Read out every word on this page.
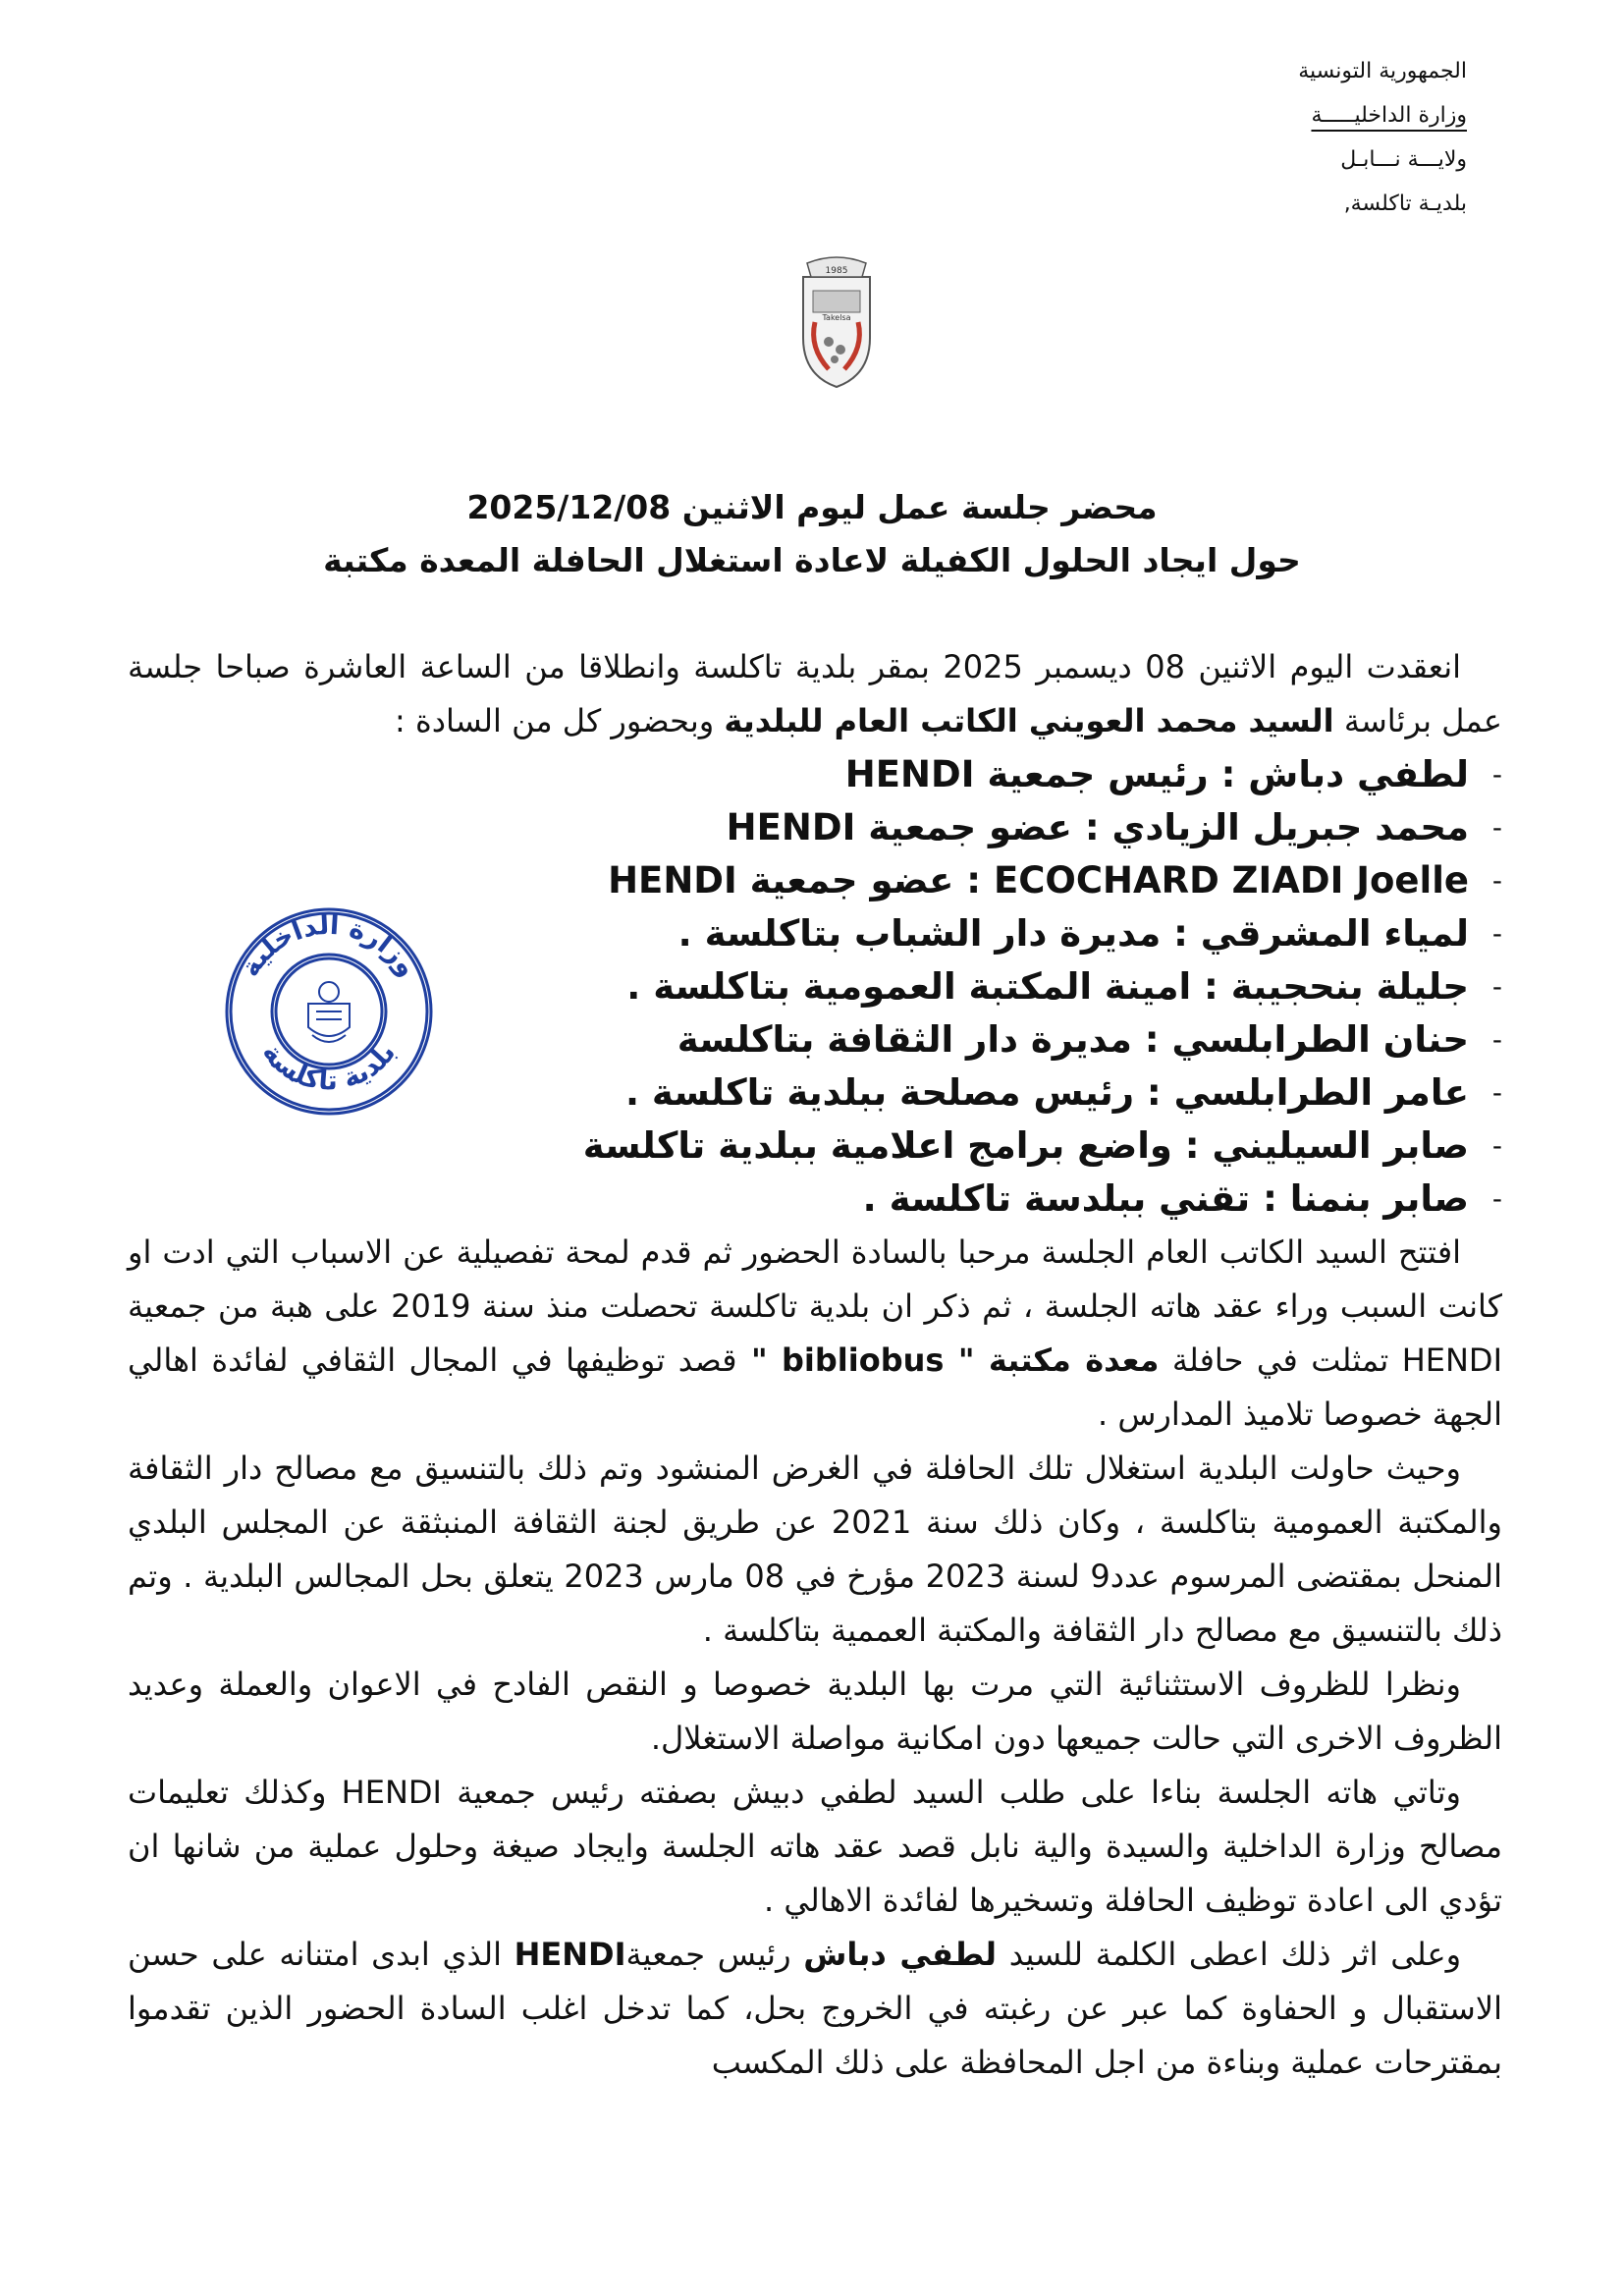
الجمهورية التونسية
وزارة الداخليـــــة
ولايـــة نـــابـل
بلديـة تاكلسة,
1985
Takelsa
محضر جلسة عمل ليوم الاثنين 2025/12/08
حول ايجاد الحلول الكفيلة لاعادة استغلال الحافلة المعدة مكتبة
وزارة الداخلية
بلدية تاكلسة

انعقدت اليوم الاثنين 08 ديسمبر 2025 بمقر بلدية تاكلسة وانطلاقا من الساعة العاشرة صباحا جلسة عمل برئاسة السيد محمد العويني الكاتب العام للبلدية وبحضور كل من السادة :

-
لطفي دباش : رئيس جمعية HENDI
-
محمد جبريل الزيادي : عضو جمعية HENDI
-
ECOCHARD ZIADI Joelle : عضو جمعية HENDI
-
لمياء المشرقي : مديرة دار الشباب بتاكلسة .
-
جليلة بنحجيبة : امينة المكتبة العمومية بتاكلسة .
-
حنان الطرابلسي : مديرة دار الثقافة بتاكلسة
-
عامر الطرابلسي : رئيس مصلحة ببلدية تاكلسة .
-
صابر السيليني : واضع برامج اعلامية ببلدية تاكلسة
-
صابر بنمنا : تقني ببلدسة تاكلسة .

افتتح السيد الكاتب العام الجلسة مرحبا بالسادة الحضور ثم قدم لمحة تفصيلية عن الاسباب التي ادت او كانت السبب وراء عقد هاته الجلسة ، ثم ذكر ان بلدية تاكلسة تحصلت منذ سنة 2019 على هبة من جمعية HENDI تمثلت في حافلة معدة مكتبة " bibliobus " قصد توظيفها في المجال الثقافي لفائدة اهالي الجهة خصوصا تلاميذ المدارس .

وحيث حاولت البلدية استغلال تلك الحافلة في الغرض المنشود وتم ذلك بالتنسيق مع مصالح دار الثقافة والمكتبة العمومية بتاكلسة ، وكان ذلك سنة 2021 عن طريق لجنة الثقافة المنبثقة عن المجلس البلدي المنحل بمقتضى المرسوم عدد9 لسنة 2023 مؤرخ في 08 مارس 2023 يتعلق بحل المجالس البلدية . وتم ذلك بالتنسيق مع مصالح دار الثقافة والمكتبة العممية بتاكلسة .

ونظرا للظروف الاستثنائية التي مرت بها البلدية خصوصا و النقص الفادح في الاعوان والعملة وعديد الظروف الاخرى التي حالت جميعها دون امكانية مواصلة الاستغلال.

وتاتي هاته الجلسة بناءا على طلب السيد لطفي دبيش بصفته رئيس جمعية HENDI وكذلك تعليمات مصالح وزارة الداخلية والسيدة والية نابل قصد عقد هاته الجلسة وايجاد صيغة وحلول عملية من شانها ان تؤدي الى اعادة توظيف الحافلة وتسخيرها لفائدة الاهالي .

وعلى اثر ذلك اعطى الكلمة للسيد لطفي دباش رئيس جمعيةHENDI الذي ابدى امتنانه على حسن الاستقبال و الحفاوة كما عبر عن رغبته في الخروج بحل، كما تدخل اغلب السادة الحضور الذين تقدموا بمقترحات عملية وبناءة من اجل المحافظة على ذلك المكسب
